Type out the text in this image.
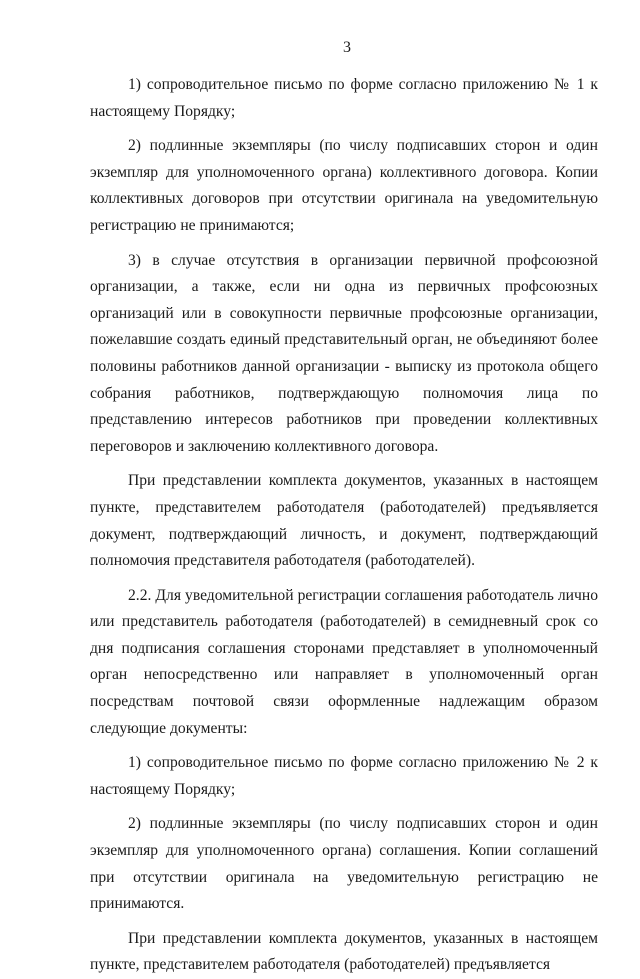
3

1) сопроводительное письмо по форме согласно приложению № 1 к настоящему Порядку;

2) подлинные экземпляры (по числу подписавших сторон и один экземпляр для уполномоченного органа) коллективного договора. Копии коллективных договоров при отсутствии оригинала на уведомительную регистрацию не принимаются;

3) в случае отсутствия в организации первичной профсоюзной организации, а также, если ни одна из первичных профсоюзных организаций или в совокупности первичные профсоюзные организации, пожелавшие создать единый представительный орган, не объединяют более половины работников данной организации - выписку из протокола общего собрания работников, подтверждающую полномочия лица по представлению интересов работников при проведении коллективных переговоров и заключению коллективного договора.

При представлении комплекта документов, указанных в настоящем пункте, представителем работодателя (работодателей) предъявляется документ, подтверждающий личность, и документ, подтверждающий полномочия представителя работодателя (работодателей).

2.2. Для уведомительной регистрации соглашения работодатель лично или представитель работодателя (работодателей) в семидневный срок со дня подписания соглашения сторонами представляет в уполномоченный орган непосредственно или направляет в уполномоченный орган посредствам почтовой связи оформленные надлежащим образом следующие документы:

1) сопроводительное письмо по форме согласно приложению № 2 к настоящему Порядку;

2) подлинные экземпляры (по числу подписавших сторон и один экземпляр для уполномоченного органа) соглашения. Копии соглашений при отсутствии оригинала на уведомительную регистрацию не принимаются.

При представлении комплекта документов, указанных в настоящем пункте, представителем работодателя (работодателей) предъявляется
